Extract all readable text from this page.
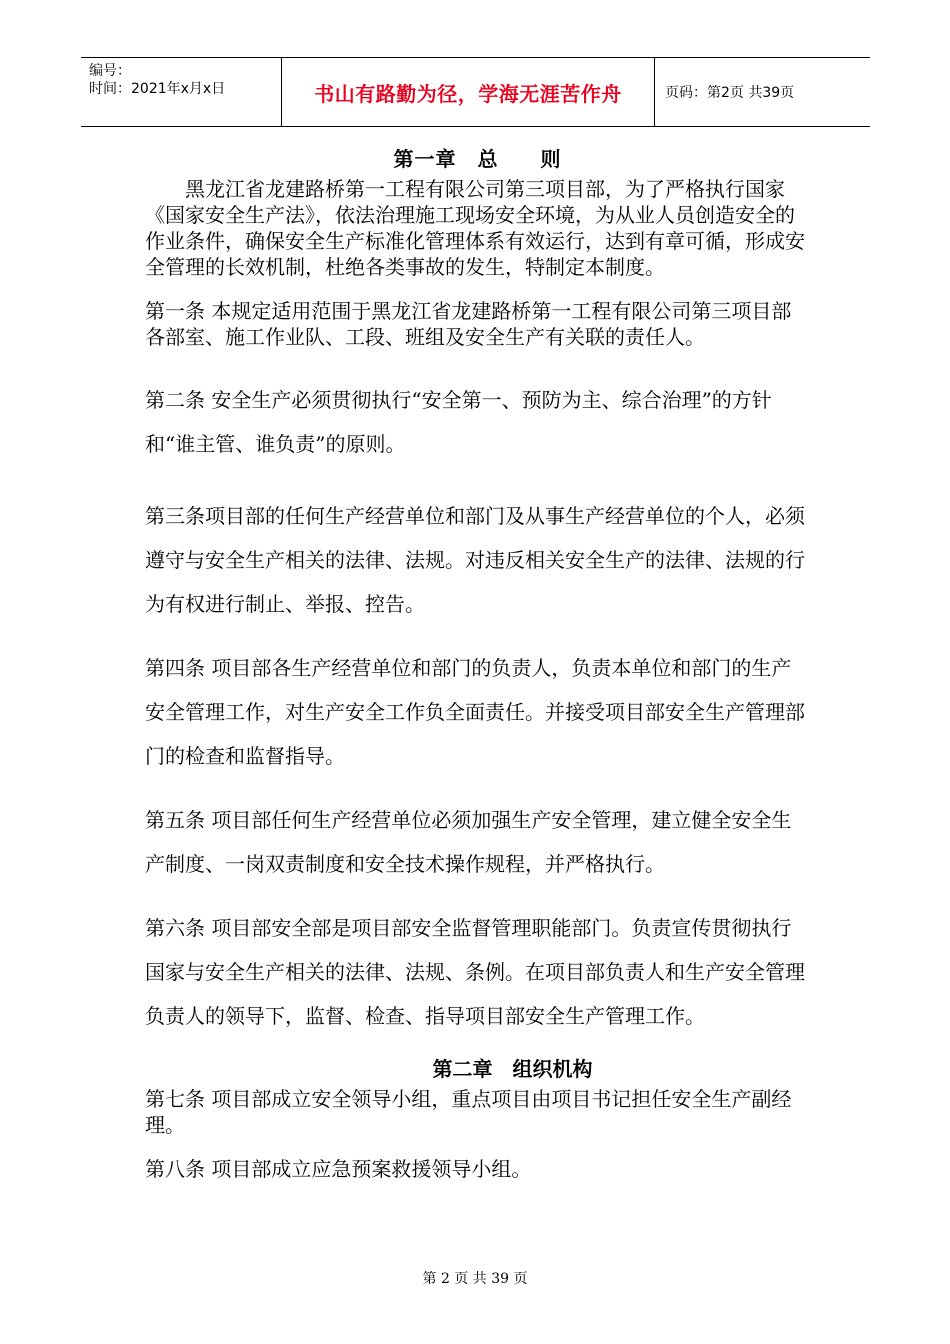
编号：
时间：2021年x月x日	书山有路勤为径，学海无涯苦作舟	页码：第2页 共39页
第一章　总　　则

黑龙江省龙建路桥第一工程有限公司第三项目部，为了严格执行国家《国家安全生产法》，依法治理施工现场安全环境，为从业人员创造安全的作业条件，确保安全生产标准化管理体系有效运行，达到有章可循，形成安全管理的长效机制，杜绝各类事故的发生，特制定本制度。

第一条 本规定适用范围于黑龙江省龙建路桥第一工程有限公司第三项目部各部室、施工作业队、工段、班组及安全生产有关联的责任人。

第二条 安全生产必须贯彻执行“安全第一、预防为主、综合治理”的方针和“谁主管、谁负责”的原则。

第三条项目部的任何生产经营单位和部门及从事生产经营单位的个人，必须遵守与安全生产相关的法律、法规。对违反相关安全生产的法律、法规的行为有权进行制止、举报、控告。

第四条 项目部各生产经营单位和部门的负责人，负责本单位和部门的生产安全管理工作，对生产安全工作负全面责任。并接受项目部安全生产管理部门的检查和监督指导。

第五条 项目部任何生产经营单位必须加强生产安全管理，建立健全安全生产制度、一岗双责制度和安全技术操作规程，并严格执行。

第六条 项目部安全部是项目部安全监督管理职能部门。负责宣传贯彻执行国家与安全生产相关的法律、法规、条例。在项目部负责人和生产安全管理负责人的领导下，监督、检查、指导项目部安全生产管理工作。

第二章　组织机构

第七条 项目部成立安全领导小组，重点项目由项目书记担任安全生产副经理。

第八条 项目部成立应急预案救援领导小组。

第 2 页 共 39 页
